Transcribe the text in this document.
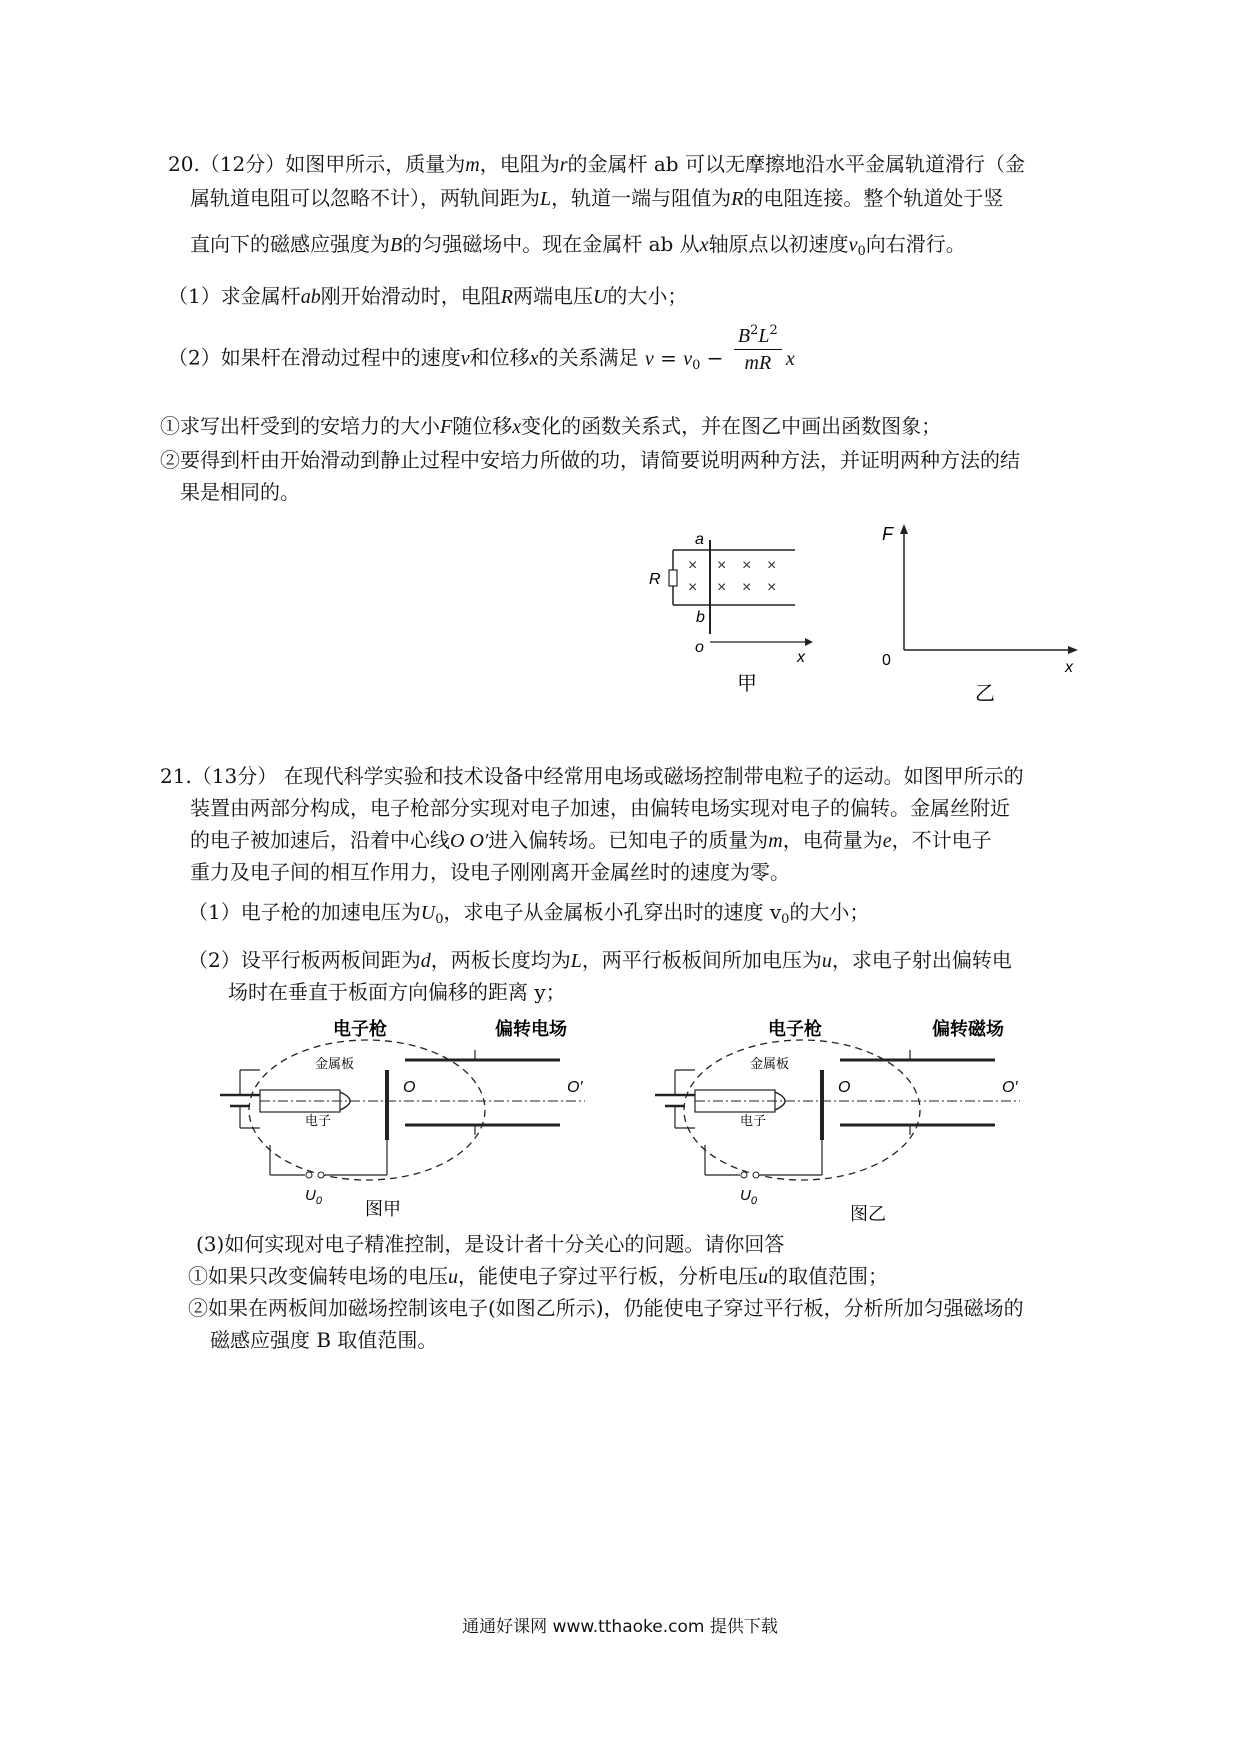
20.（12分）如图甲所示，质量为m，电阻为r的金属杆 ab 可以无摩擦地沿水平金属轨道滑行（金
属轨道电阻可以忽略不计），两轨间距为L，轨道一端与阻值为R的电阻连接。整个轨道处于竖
直向下的磁感应强度为B的匀强磁场中。现在金属杆 ab 从x轴原点以初速度$v_0$向右滑行。
（1）求金属杆ab刚开始滑动时，电阻R两端电压U的大小；
（2）如果杆在滑动过程中的速度v和位移x的关系满足 $v = v_0 - \frac{B^2L^2}{mR}$ x
①求写出杆受到的安培力的大小F随位移x变化的函数关系式，并在图乙中画出函数图象；
②要得到杆由开始滑动到静止过程中安培力所做的功，请简要说明两种方法，并证明两种方法的结
果是相同的。
a
b
R
o
x
×
×
× × ×
× × ×
甲
F
0	x
乙
21.（13分） 在现代科学实验和技术设备中经常用电场或磁场控制带电粒子的运动。如图甲所示的
装置由两部分构成，电子枪部分实现对电子加速，由偏转电场实现对电子的偏转。金属丝附近
的电子被加速后，沿着中心线O O′进入偏转场。已知电子的质量为m，电荷量为e，不计电子
重力及电子间的相互作用力，设电子刚刚离开金属丝时的速度为零。
（1）电子枪的加速电压为$U_0$，求电子从金属板小孔穿出时的速度 $v_0$的大小；
（2）设平行板两板间距为d，两板长度均为L，两平行板板间所加电压为u，求电子射出偏转电
场时在垂直于板面方向偏移的距离 y；
电子枪	偏转电场
金属板
电子
O	O′
$U_0$ 图甲
电子枪	偏转磁场
金属板
电子
O	O′
$U_0$
图乙
(3)如何实现对电子精准控制，是设计者十分关心的问题。请你回答
①如果只改变偏转电场的电压u，能使电子穿过平行板，分析电压u的取值范围；
②如果在两板间加磁场控制该电子(如图乙所示)，仍能使电子穿过平行板，分析所加匀强磁场的
磁感应强度 B 取值范围。
通通好课网 www.tthaoke.com 提供下载
